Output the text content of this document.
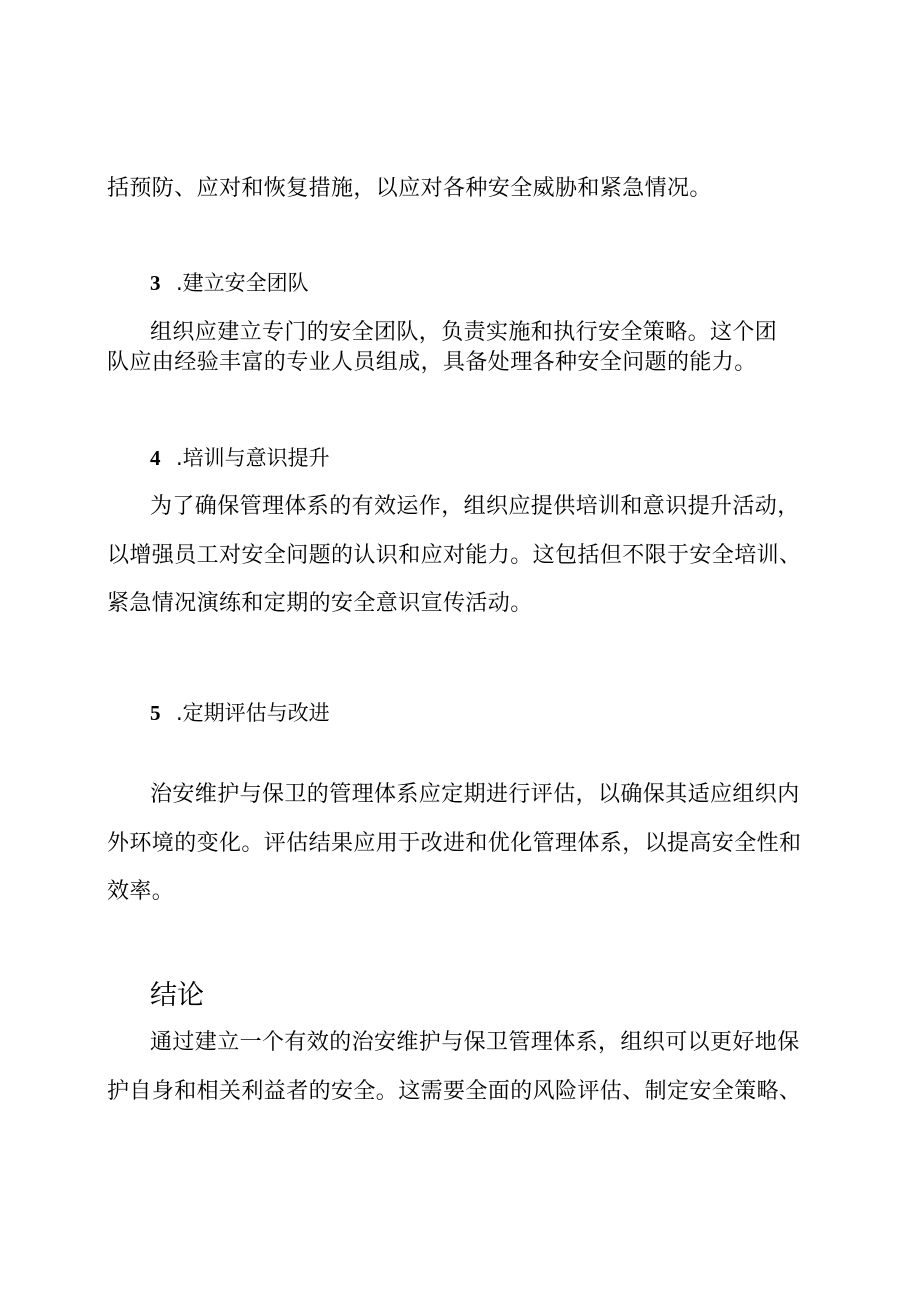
括预防、应对和恢复措施，以应对各种安全威胁和紧急情况。
3 .建立安全团队
组织应建立专门的安全团队，负责实施和执行安全策略。这个团
队应由经验丰富的专业人员组成，具备处理各种安全问题的能力。
4 .培训与意识提升
为了确保管理体系的有效运作，组织应提供培训和意识提升活动，
以增强员工对安全问题的认识和应对能力。这包括但不限于安全培训、
紧急情况演练和定期的安全意识宣传活动。
5 .定期评估与改进
治安维护与保卫的管理体系应定期进行评估，以确保其适应组织内
外环境的变化。评估结果应用于改进和优化管理体系，以提高安全性和
效率。
结论
通过建立一个有效的治安维护与保卫管理体系，组织可以更好地保
护自身和相关利益者的安全。这需要全面的风险评估、制定安全策略、
